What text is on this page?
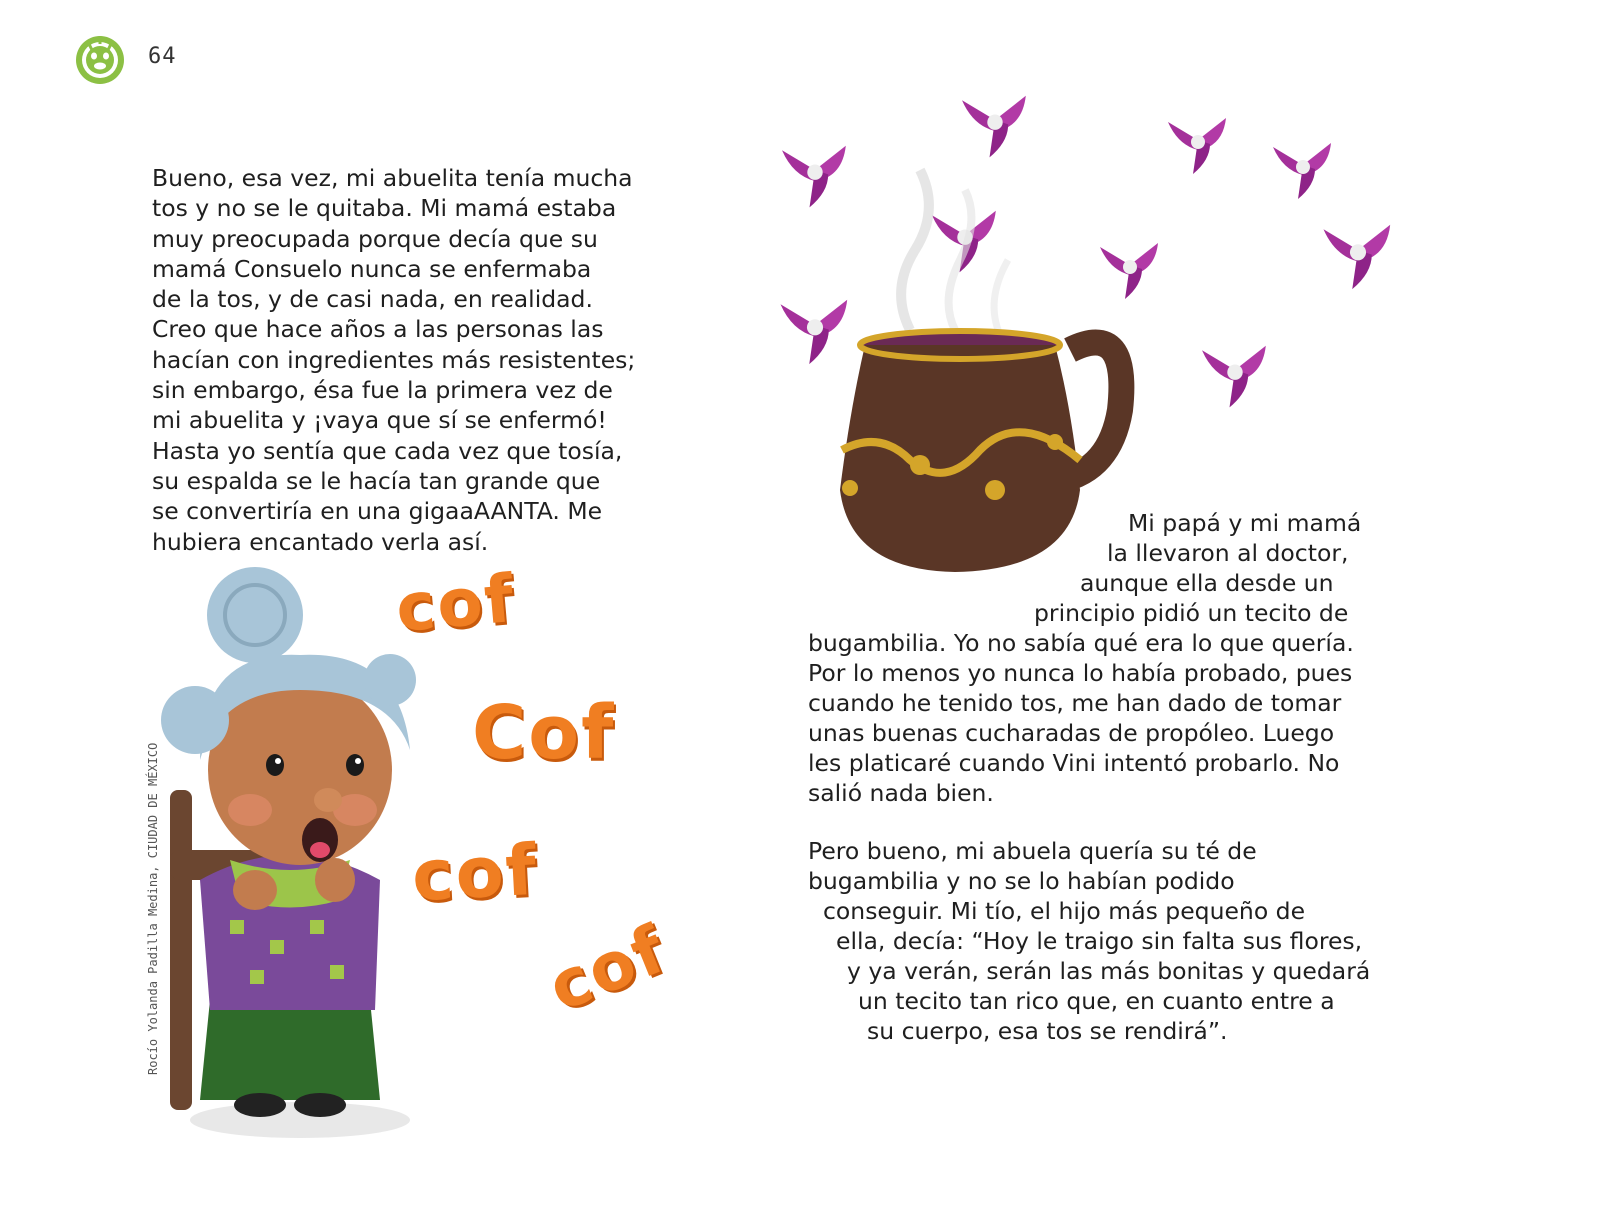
64
Bueno, esa vez, mi abuelita tenía mucha
tos y no se le quitaba. Mi mamá estaba
muy preocupada porque decía que su
mamá Consuelo nunca se enfermaba
de la tos, y de casi nada, en realidad.
Creo que hace años a las personas las
hacían con ingredientes más resistentes;
sin embargo, ésa fue la primera vez de
mi abuelita y ¡vaya que sí se enfermó!
Hasta yo sentía que cada vez que tosía,
su espalda se le hacía tan grande que
se convertiría en una gigaaAANTA. Me
hubiera encantado verla así.
cof
Cof
cof
cof
Rocío Yolanda Padilla Medina, CIUDAD DE MÉXICO
Mi papá y mi mamá
la llevaron al doctor,
aunque ella desde un
principio pidió un tecito de
bugambilia. Yo no sabía qué era lo que quería.
Por lo menos yo nunca lo había probado, pues
cuando he tenido tos, me han dado de tomar
unas buenas cucharadas de propóleo. Luego
les platicaré cuando Vini intentó probarlo. No
salió nada bien.
Pero bueno, mi abuela quería su té de
bugambilia y no se lo habían podido
conseguir. Mi tío, el hijo más pequeño de
ella, decía: “Hoy le traigo sin falta sus flores,
y ya verán, serán las más bonitas y quedará
un tecito tan rico que, en cuanto entre a
su cuerpo, esa tos se rendirá”.
